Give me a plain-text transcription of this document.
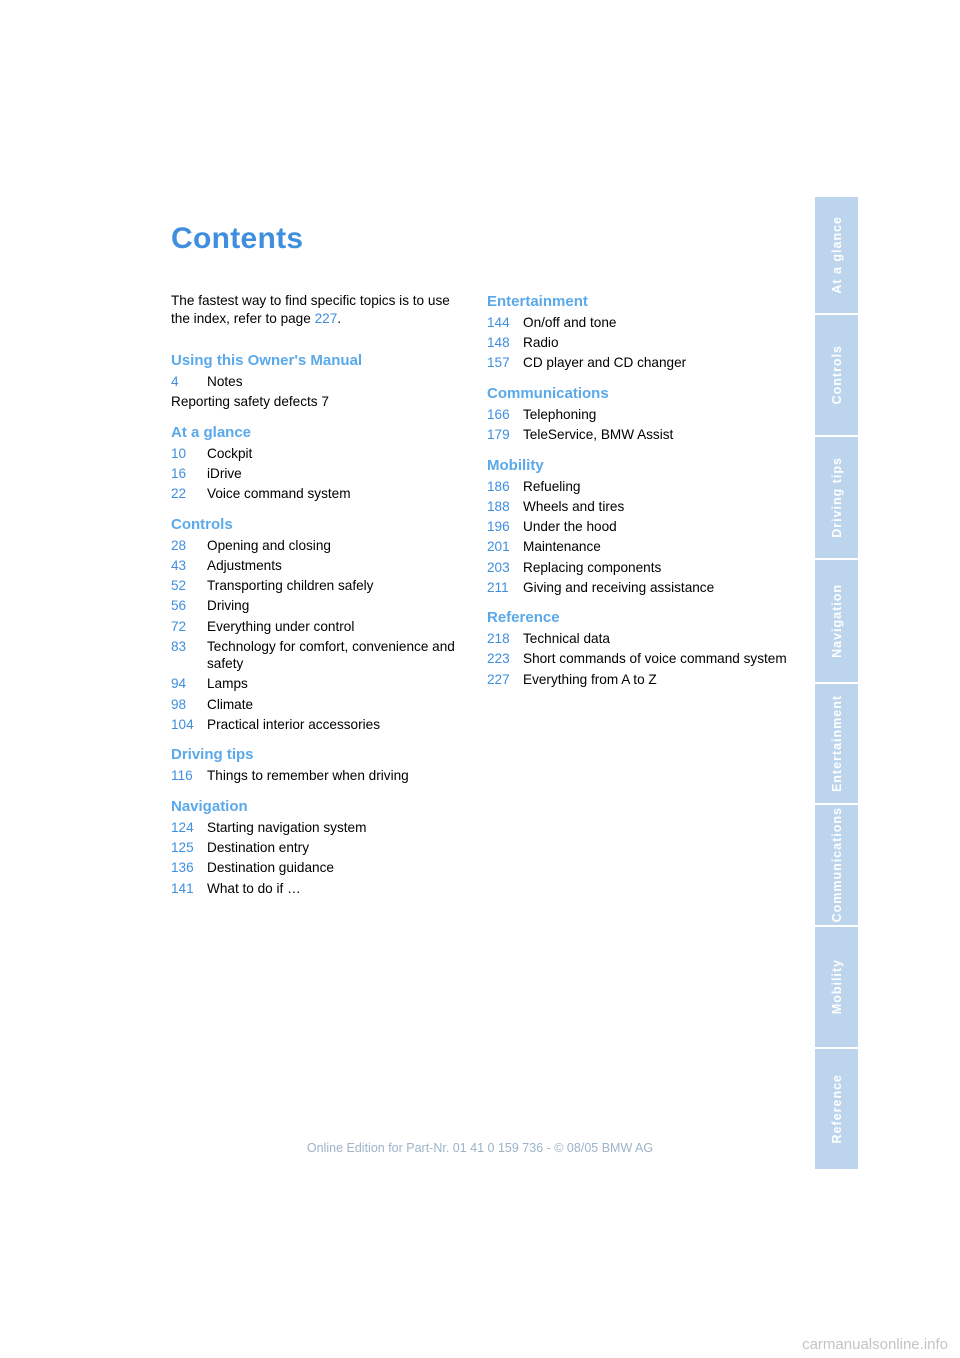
Contents

The fastest way to find specific topics is to use the index, refer to page 227.

Using this Owner's Manual
4	Notes
Reporting safety defects 7
At a glance
10	Cockpit
16	iDrive
22	Voice command system
Controls
28	Opening and closing
43	Adjustments
52	Transporting children safely
56	Driving
72	Everything under control
83	Technology for comfort, convenience and safety
94	Lamps
98	Climate
104 Practical interior accessories
Driving tips
116	Things to remember when driving
Navigation
124 Starting navigation system
125 Destination entry
136 Destination guidance
141 What to do if …
Entertainment
144 On/off and tone
148 Radio
157 CD player and CD changer
Communications
166 Telephoning
179 TeleService, BMW Assist
Mobility
186 Refueling
188 Wheels and tires
196 Under the hood
201 Maintenance
203 Replacing components
211	Giving and receiving assistance
Reference
218 Technical data
223 Short commands of voice command system
227 Everything from A to Z
At a glance
Controls
Driving tips
Navigation
Entertainment
Communications
Mobility
Reference
Online Edition for Part-Nr. 01 41 0 159 736 - © 08/05 BMW AG
carmanualsonline.info
